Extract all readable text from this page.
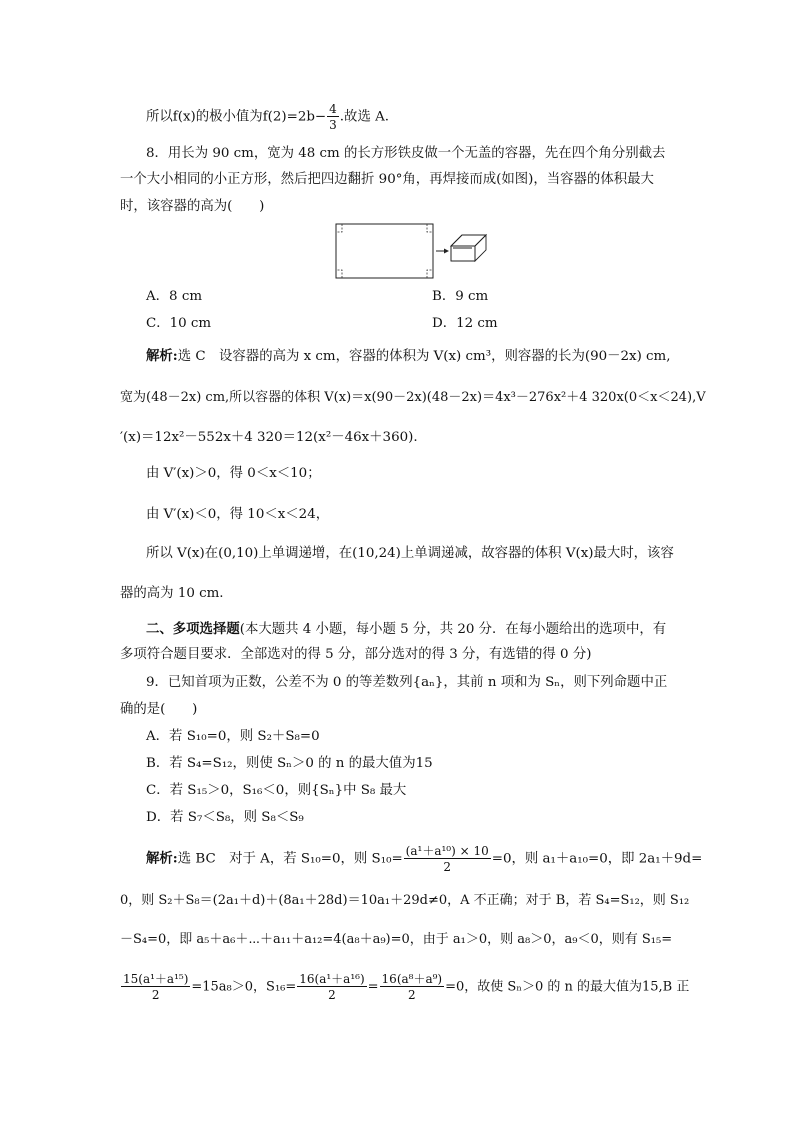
所以f(x)的极小值为$f(2)=2b- \frac{4}{3}$ .故选 A.
8．用长为 90 cm，宽为 48 cm 的长方形铁皮做一个无盖的容器，先在四个角分别截去
一个大小相同的小正方形，然后把四边翻折 90°角，再焊接而成(如图)，当容器的体积最大
时，该容器的高为(　　)
A．8 cm	B．9 cm
C．10 cm	D．12 cm
解析:选 C　设容器的高为 x cm，容器的体积为 V(x) cm³，则容器的长为(90－2x) cm,
宽为(48－2x) cm,所以容器的体积 V(x)＝x(90－2x)(48－2x)＝4x³－276x²＋4 320x(0＜x＜24),V
′(x)＝12x²－552x＋4 320＝12(x²－46x＋360).
由 V′(x)＞0，得 0＜x＜10；
由 V′(x)＜0，得 10＜x＜24，
所以 V(x)在(0,10)上单调递增，在(10,24)上单调递减，故容器的体积 V(x)最大时，该容
器的高为 10 cm.
二、多项选择题(本大题共 4 小题，每小题 5 分，共 20 分．在每小题给出的选项中，有
多项符合题目要求．全部选对的得 5 分，部分选对的得 3 分，有选错的得 0 分)
9．已知首项为正数，公差不为 0 的等差数列{aₙ}，其前 n 项和为 Sₙ，则下列命题中正
确的是(　　)
A．若 S₁₀=0，则 S₂＋S₈=0
B．若 S₄=S₁₂，则使 Sₙ＞0 的 n 的最大值为15
C．若 S₁₅＞0，S₁₆＜0，则{Sₙ}中 S₈ 最大
D．若 S₇＜S₈，则 S₈＜S₉
解析:选 BC　对于 A，若 S₁₀=0，则 $S_{10}= \frac{\text{(a¹＋a¹⁰) × 10}}{2} =0$，则 a₁＋a₁₀=0，即 2a₁＋9d=
0，则 S₂＋S₈＝(2a₁＋d)＋(8a₁＋28d)＝10a₁＋29d≠0，A 不正确；对于 B，若 S₄=S₁₂，则 S₁₂
－S₄=0，即 a₅＋a₆＋⋯＋a₁₁＋a₁₂=4(a₈＋a₉)=0，由于 a₁＞0，则 a₈＞0，a₉＜0，则有 S₁₅=
$\frac{\text{15(a¹＋a¹⁵)}}{2} =15a_8>0$，$S_{16}= \frac{\text{16(a¹＋a¹⁶)}}{2} = \frac{\text{16(a⁸＋a⁹)}}{2} =0$，故使 Sₙ＞0 的 n 的最大值为15,B 正
